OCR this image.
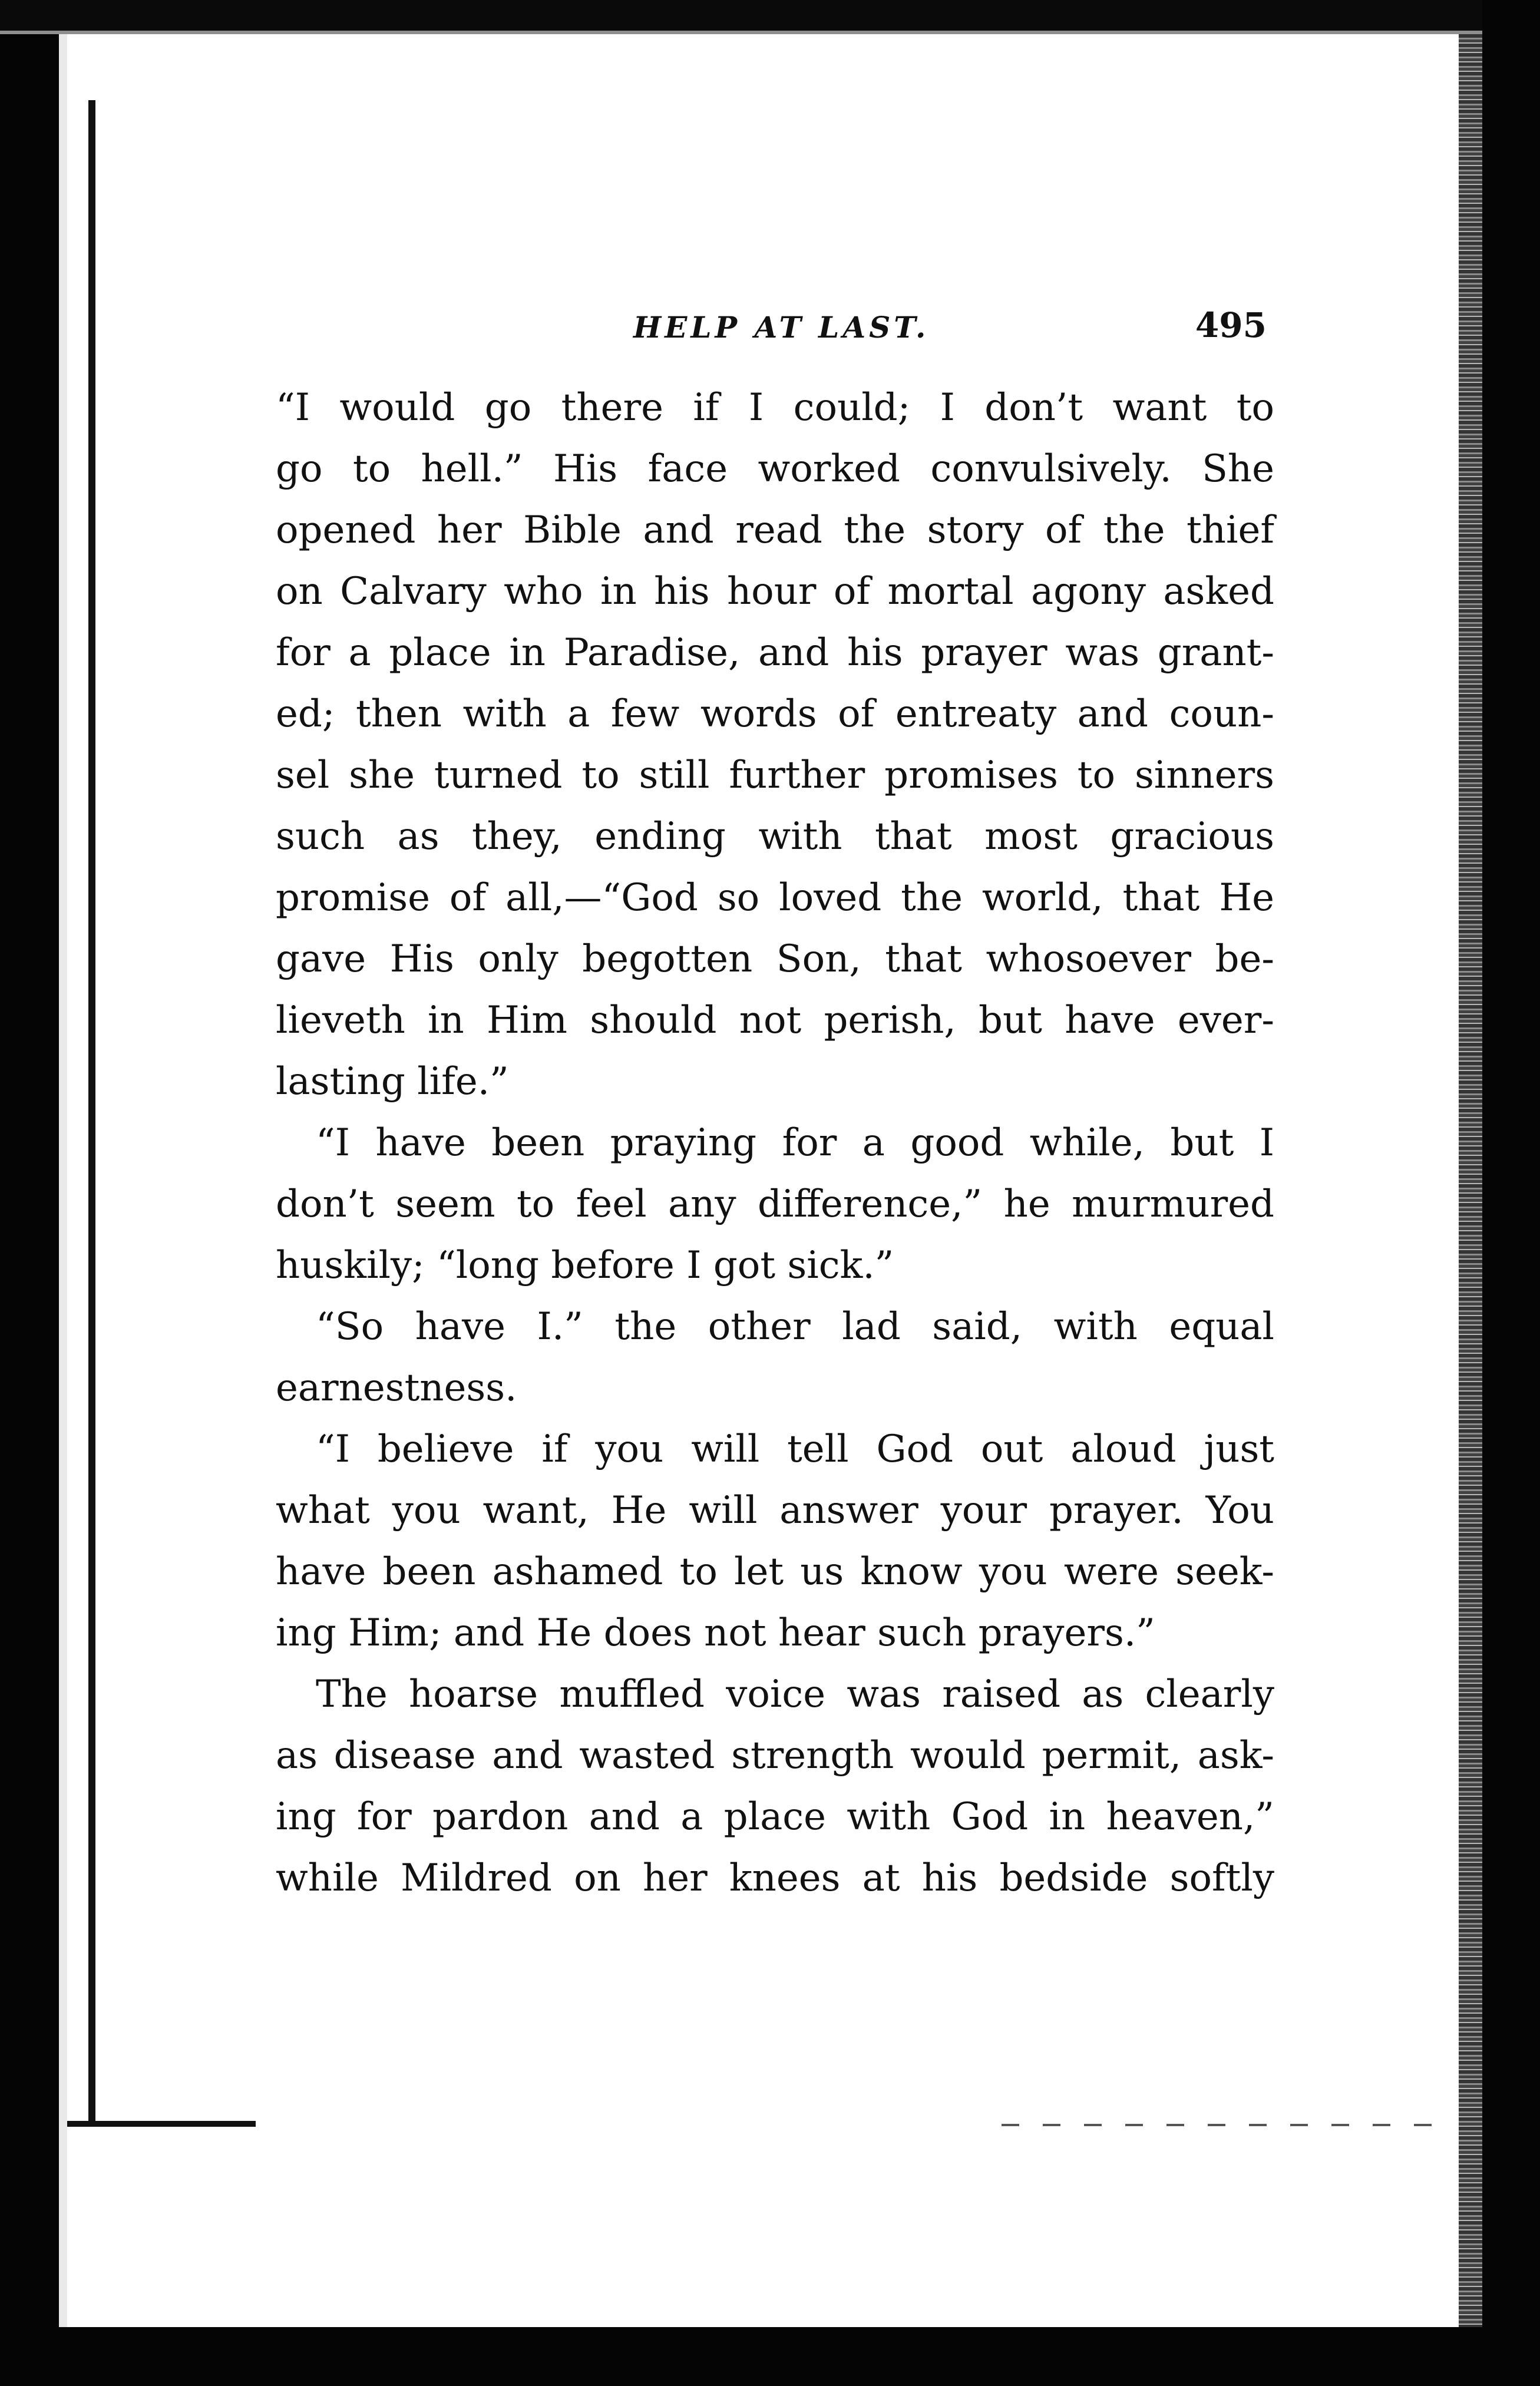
HELP AT LAST.	495
“I would go there if I could; I don’t want to
go to hell.” His face worked convulsively. She
opened her Bible and read the story of the thief
on Calvary who in his hour of mortal agony asked
for a place in Paradise, and his prayer was grant-
ed; then with a few words of entreaty and coun-
sel she turned to still further promises to sinners
such as they, ending with that most gracious
promise of all,—“God so loved the world, that He
gave His only begotten Son, that whosoever be-
lieveth in Him should not perish, but have ever-
lasting life.”
“I have been praying for a good while, but I
don’t seem to feel any difference,” he murmured
huskily; “long before I got sick.”
“So have I.” the other lad said, with equal
earnestness.
“I believe if you will tell God out aloud just
what you want, He will answer your prayer. You
have been ashamed to let us know you were seek-
ing Him; and He does not hear such prayers.”
The hoarse muffled voice was raised as clearly
as disease and wasted strength would permit, ask-
ing for pardon and a place with God in heaven,”
while Mildred on her knees at his bedside softly
